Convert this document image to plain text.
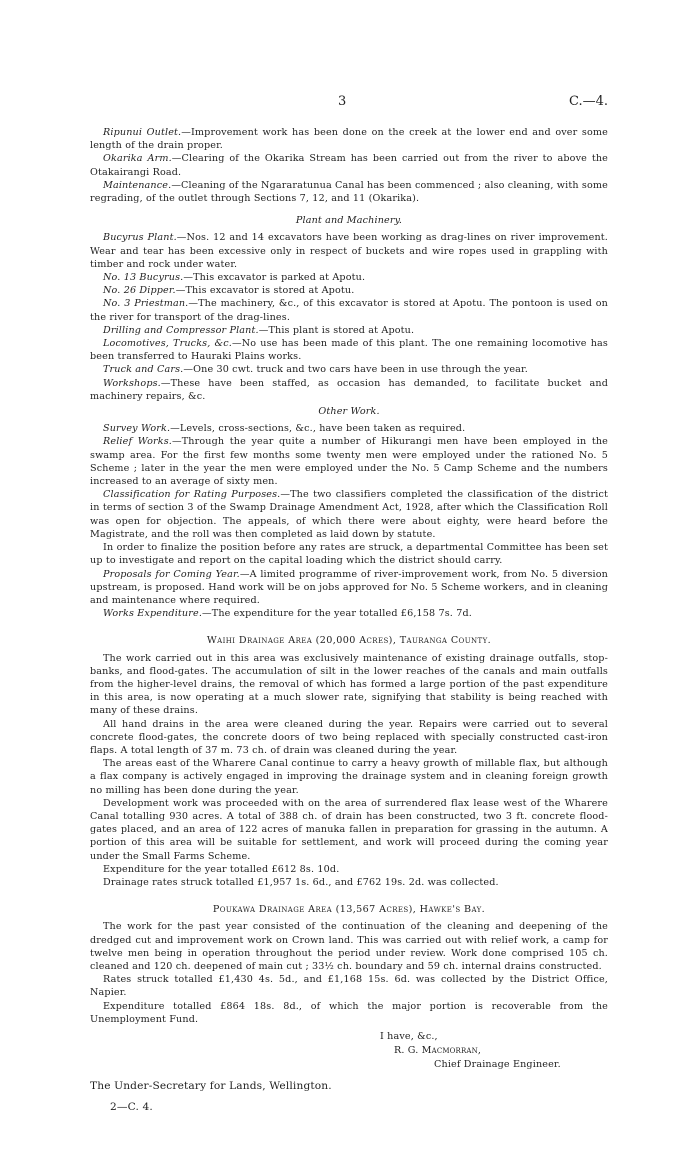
3	C.—4.

Ripunui Outlet.—Improvement work has been done on the creek at the lower end and over some length of the drain proper.

Okarika Arm.—Clearing of the Okarika Stream has been carried out from the river to above the Otakairangi Road.

Maintenance.—Cleaning of the Ngararatunua Canal has been commenced ; also cleaning, with some regrading, of the outlet through Sections 7, 12, and 11 (Okarika).

Plant and Machinery.

Bucyrus Plant.—Nos. 12 and 14 excavators have been working as drag-lines on river improvement. Wear and tear has been excessive only in respect of buckets and wire ropes used in grappling with timber and rock under water.

No. 13 Bucyrus.—This excavator is parked at Apotu.

No. 26 Dipper.—This excavator is stored at Apotu.

No. 3 Priestman.—The machinery, &c., of this excavator is stored at Apotu. The pontoon is used on the river for transport of the drag-lines.

Drilling and Compressor Plant.—This plant is stored at Apotu.

Locomotives, Trucks, &c.—No use has been made of this plant. The one remaining locomotive has been transferred to Hauraki Plains works.

Truck and Cars.—One 30 cwt. truck and two cars have been in use through the year.

Workshops.—These have been staffed, as occasion has demanded, to facilitate bucket and machinery repairs, &c.

Other Work.

Survey Work.—Levels, cross-sections, &c., have been taken as required.

Relief Works.—Through the year quite a number of Hikurangi men have been employed in the swamp area. For the first few months some twenty men were employed under the rationed No. 5 Scheme ; later in the year the men were employed under the No. 5 Camp Scheme and the numbers increased to an average of sixty men.

Classification for Rating Purposes.—The two classifiers completed the classification of the district in terms of section 3 of the Swamp Drainage Amendment Act, 1928, after which the Classification Roll was open for objection. The appeals, of which there were about eighty, were heard before the Magistrate, and the roll was then completed as laid down by statute.

In order to finalize the position before any rates are struck, a departmental Committee has been set up to investigate and report on the capital loading which the district should carry.

Proposals for Coming Year.—A limited programme of river-improvement work, from No. 5 diversion upstream, is proposed. Hand work will be on jobs approved for No. 5 Scheme workers, and in cleaning and maintenance where required.

Works Expenditure.—The expenditure for the year totalled £6,158 7s. 7d.

Waihi Drainage Area (20,000 Acres), Tauranga County.

The work carried out in this area was exclusively maintenance of existing drainage outfalls, stop-banks, and flood-gates. The accumulation of silt in the lower reaches of the canals and main outfalls from the higher-level drains, the removal of which has formed a large portion of the past expenditure in this area, is now operating at a much slower rate, signifying that stability is being reached with many of these drains.

All hand drains in the area were cleaned during the year. Repairs were carried out to several concrete flood-gates, the concrete doors of two being replaced with specially constructed cast-iron flaps. A total length of 37 m. 73 ch. of drain was cleaned during the year.

The areas east of the Wharere Canal continue to carry a heavy growth of millable flax, but although a flax company is actively engaged in improving the drainage system and in cleaning foreign growth no milling has been done during the year.

Development work was proceeded with on the area of surrendered flax lease west of the Wharere Canal totalling 930 acres. A total of 388 ch. of drain has been constructed, two 3 ft. concrete flood-gates placed, and an area of 122 acres of manuka fallen in preparation for grassing in the autumn. A portion of this area will be suitable for settlement, and work will proceed during the coming year under the Small Farms Scheme.

Expenditure for the year totalled £612 8s. 10d.

Drainage rates struck totalled £1,957 1s. 6d., and £762 19s. 2d. was collected.

Poukawa Drainage Area (13,567 Acres), Hawke's Bay.

The work for the past year consisted of the continuation of the cleaning and deepening of the dredged cut and improvement work on Crown land. This was carried out with relief work, a camp for twelve men being in operation throughout the period under review. Work done comprised 105 ch. cleaned and 120 ch. deepened of main cut ; 33½ ch. boundary and 59 ch. internal drains constructed.

Rates struck totalled £1,430 4s. 5d., and £1,168 15s. 6d. was collected by the District Office, Napier.

Expenditure totalled £864 18s. 8d., of which the major portion is recoverable from the Unemployment Fund.

I have, &c.,
R. G. Macmorran,
Chief Drainage Engineer.

The Under-Secretary for Lands, Wellington.

2—C. 4.
